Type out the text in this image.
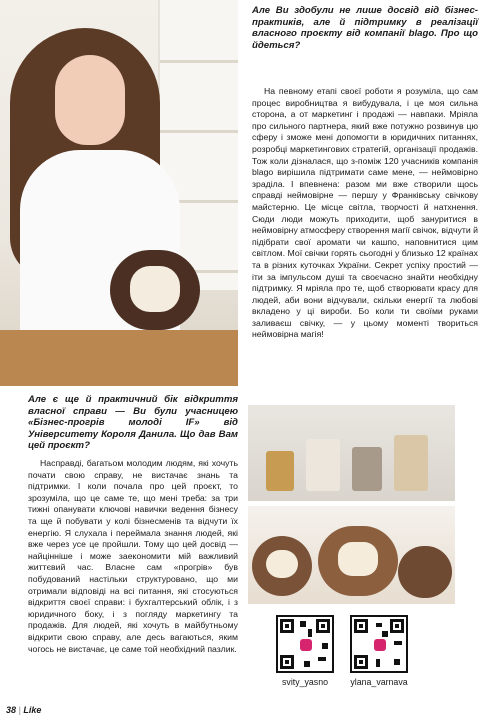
Але Ви здобули не лише досвід від бізнес-практиків, але й підтримку в реалізації власного проєкту від компанії blago. Про що йдеться?

На певному етапі своєї роботи я розуміла, що сам процес виробництва я вибудувала, і це моя сильна сторона, а от маркетинг і продажі — навпаки. Мріяла про сильного партнера, який вже потужно розвинув цю сферу і зможе мені допомогти в юридичних питаннях, розробці маркетингових стратегій, організації продажів. Тож коли дізналася, що з-поміж 120 учасників компанія blago вирішила підтримати саме мене, — неймовірно зраділа. І впевнена: разом ми вже створили щось справді неймовірне — першу у Франківську свічкову майстерню. Це місце світла, творчості й натхнення. Сюди люди можуть приходити, щоб зануритися в неймовірну атмосферу створення магії свічок, відчути й підібрати свої аромати чи кашпо, наповнитися цим світлом. Мої свічки горять сьогодні у близько 12 країнах та в різних куточках України. Секрет успіху простий — іти за імпульсом душі та своєчасно знайти необхідну підтримку. Я мріяла про те, щоб створювати красу для людей, аби вони відчували, скільки енергії та любові вкладено у ці вироби. Бо коли ти своїми руками заливаєш свічку, — у цьому моменті твориться неймовірна магія!

Але є ще й практичний бік відкриття власної справи — Ви були учасницею «Бізнес-прогрів молоді IF» від Університету Короля Данила. Що дав Вам цей проєкт?

Насправді, багатьом молодим людям, які хочуть почати свою справу, не вистачає знань та підтримки. І коли почала про цей проєкт, то зрозуміла, що це саме те, що мені треба: за три тижні опанувати ключові навички ведення бізнесу та ще й побувати у колі бізнесменів та відчути їх енергію. Я слухала і переймала знання людей, які вже через усе це пройшли. Тому що цей досвід — найцінніше і може заекономити мій важливий життєвий час. Власне сам «прогрів» був побудований настільки структуровано, що ми отримали відповіді на всі питання, які стосуються відкриття своєї справи: і бухгалтерський облік, і з юридичного боку, і з погляду маркетингу та продажів. Для людей, які хочуть в майбутньому відкрити свою справу, але десь вагаються, яким чогось не вистачає, це саме той необхідний пазлик.

svity_yasno	ylana_varnava
38 | Like
